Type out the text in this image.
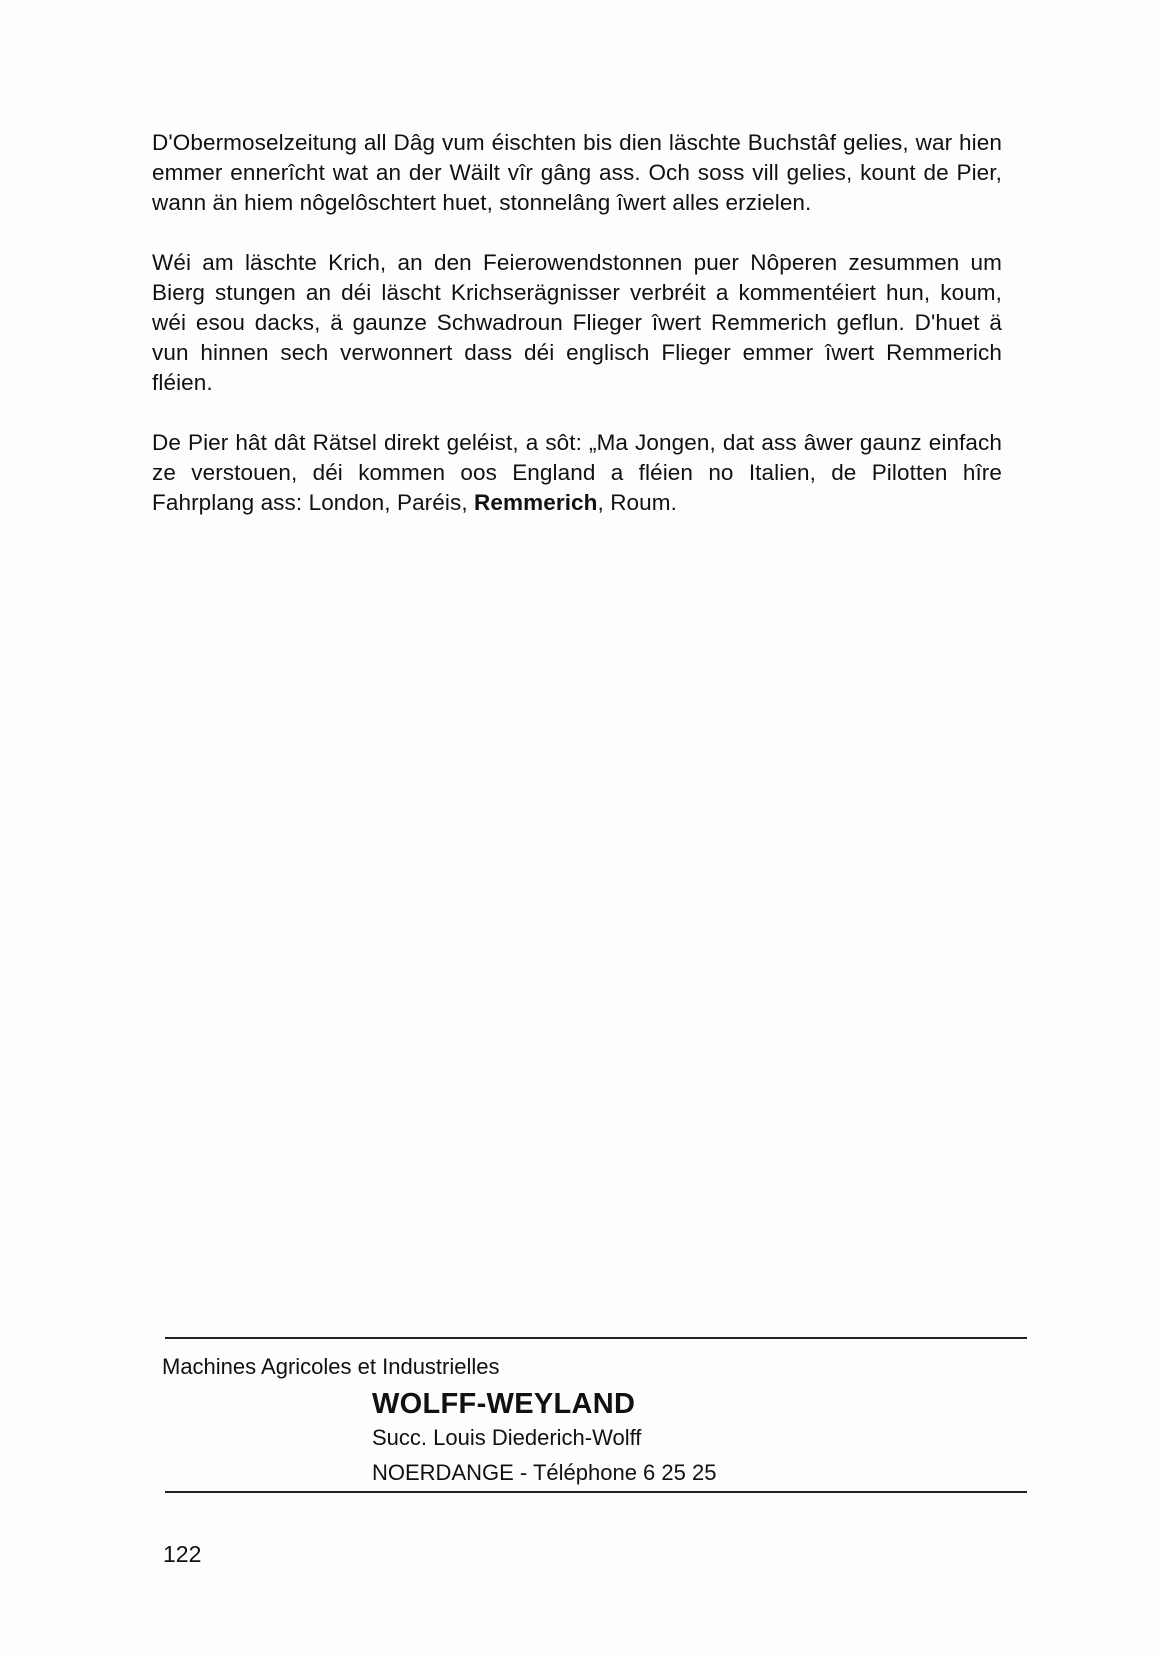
D'Obermoselzeitung all Dâg vum éischten bis dien läschte Buchstâf gelies, war hien emmer ennerîcht wat an der Wäilt vîr gâng ass. Och soss vill gelies, kount de Pier, wann än hiem nôgelôschtert huet, stonnelâng îwert alles erzielen.

Wéi am läschte Krich, an den Feierowendstonnen puer Nôperen zesummen um Bierg stungen an déi läscht Krichserägnisser verbréit a kommentéiert hun, koum, wéi esou dacks, ä gaunze Schwadroun Flieger îwert Remmerich geflun. D'huet ä vun hinnen sech verwonnert dass déi englisch Flieger emmer îwert Remmerich fléien.

De Pier hât dât Rätsel direkt geléist, a sôt: „Ma Jongen, dat ass âwer gaunz einfach ze verstouen, déi kommen oos England a fléien no Italien, de Pilotten hîre Fahrplang ass: London, Paréis, Remmerich, Roum.

Machines Agricoles et Industrielles
WOLFF-WEYLAND
Succ. Louis Diederich-Wolff
NOERDANGE - Téléphone 6 25 25
122
